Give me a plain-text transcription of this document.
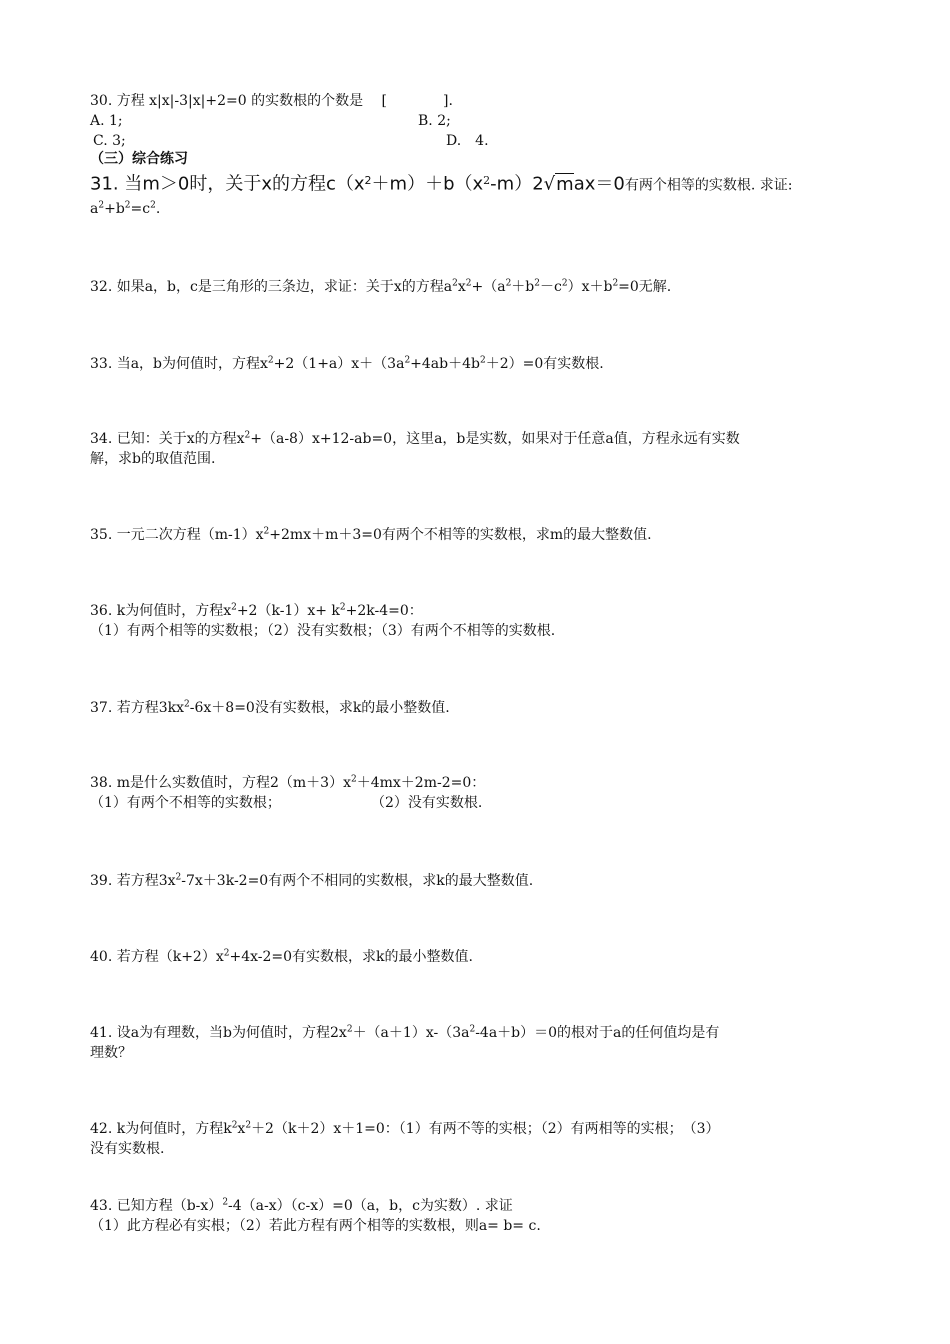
30. 方程 x|x|-3|x|+2=0 的实数根的个数是　 [　　　　].
A. 1;	B. 2;
C. 3;	D.　4.
（三）综合练习
31. 当m＞0时，关于x的方程$c(x^2+m)+b(x^2-m)2√\max=0$有两个相等的实数根. 求证:
$a^2+b^2=c^2$.
32. 如果a，b，c是三角形的三条边，求证：关于x的方程$a^2x^2+(a^2+b^2-c^2)x+b^2=0$无解.
33. 当a，b为何值时，方程$x^2+2(1+a)x+(3a^2+4ab+4b^2+2)=0$有实数根.
34. 已知：关于x的方程$x^2+(a-8)x+12-ab=0$，这里a，b是实数，如果对于任意a值，方程永远有实数
解，求b的取值范围.
35. 一元二次方程$(m-1)x^2+2mx+m+3=0$有两个不相等的实数根，求m的最大整数值.
36. k为何值时，方程$x^2+2(k-1)x+ k^2+2k-4=0$：
（1）有两个相等的实数根；（2）没有实数根；（3）有两个不相等的实数根.
37. 若方程$3kx^2-6x+8=0$没有实数根，求k的最小整数值.
38. m是什么实数值时，方程$2(m+3)x^2+4mx+2m-2=0$：
（1）有两个不相等的实数根；	（2）没有实数根.
39. 若方程$3x^2-7x+3k-2=0$有两个不相同的实数根，求k的最大整数值.
40. 若方程$(k+2)x^2+4x-2=0$有实数根，求k的最小整数值.
41. 设a为有理数，当b为何值时，方程$2x^2+(a+1)x-(3a^2-4a+b)=0$的根对于a的任何值均是有
理数？
42. k为何值时，方程$k^2x^2+2(k+2)x+1=0$：（1）有两不等的实根；（2）有两相等的实根；　（3）
没有实数根.
43. 已知方程$(b-x)^2-4(a-x)(c-x)=0(a$，b，c为实数）. 求证
（1）此方程必有实根；（2）若此方程有两个相等的实数根，则a= b= c.
